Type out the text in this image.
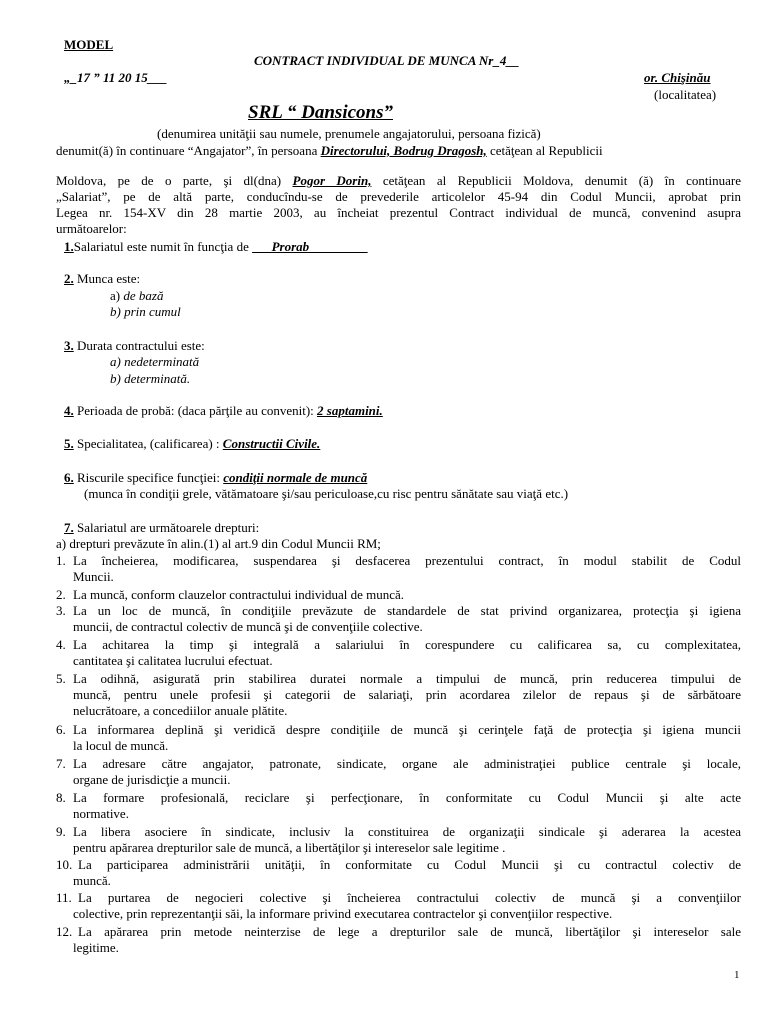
MODEL
CONTRACT INDIVIDUAL DE MUNCA Nr_4__
„_17 ” 11 20 15___	or. Chişinău
(localitatea)
SRL “ Dansicons”
(denumirea unităţii sau numele, prenumele angajatorului, persoana fizică)
denumit(ă) în continuare “Angajator”, în persoana Directorului, Bodrug Dragosh, cetăţean al Republicii
Moldova, pe de o parte, şi dl(dna) Pogor Dorin, cetăţean al Republicii Moldova, denumit (ă) în continuare
„Salariat”, pe de altă parte, conducîndu-se de prevederile articolelor 45-94 din Codul Muncii, aprobat prin
Legea nr. 154-XV din 28 martie 2003, au încheiat prezentul Contract individual de muncă, convenind asupra
următoarelor:
1.Salariatul este numit în funcţia de       Prorab
2. Munca este:
a) de bază
b) prin cumul
3. Durata contractului este:
a) nedeterminată
b) determinată.
4. Perioada de probă: (daca părţile au convenit): 2 saptamini.
5. Specialitatea, (calificarea) : Constructii Civile.
6. Riscurile specifice funcţiei: condiţii normale de muncă
(munca în condiţii grele, vătămatoare şi/sau periculoase,cu risc pentru sănătate sau viaţă etc.)
7. Salariatul are următoarele drepturi:
a) drepturi prevăzute în alin.(1) al art.9 din Codul Muncii RM;
1. La încheierea, modificarea, suspendarea şi desfacerea prezentului contract, în modul stabilit de Codul
Muncii.
2. La muncă, conform clauzelor contractului individual de muncă.
3. La un loc de muncă, în condiţiile prevăzute de standardele de stat privind organizarea, protecţia şi igiena
muncii, de contractul colectiv de muncă şi de convenţiile colective.
4. La achitarea la timp şi integrală a salariului în corespundere cu calificarea sa, cu complexitatea,
cantitatea şi calitatea lucrului efectuat.
5. La odihnă, asigurată prin stabilirea duratei normale a timpului de muncă, prin reducerea timpului de
muncă, pentru unele profesii şi categorii de salariaţi, prin acordarea zilelor de repaus şi de sărbătoare
nelucrătoare, a concediilor anuale plătite.
6. La informarea deplină şi veridică despre condiţiile de muncă şi cerinţele faţă de protecţia şi igiena muncii
la locul de muncă.
7. La adresare către angajator, patronate, sindicate, organe ale administraţiei publice centrale şi locale,
organe de jurisdicţie a muncii.
8. La formare profesională, reciclare şi perfecţionare, în conformitate cu Codul Muncii şi alte acte
normative.
9. La libera asociere în sindicate, inclusiv la constituirea de organizaţii sindicale şi aderarea la acestea
pentru apărarea drepturilor sale de muncă, a libertăţilor şi intereselor sale legitime .
10. La participarea administrării unităţii, în conformitate cu Codul Muncii şi cu contractul colectiv de
muncă.
11. La purtarea de negocieri colective şi încheierea contractului colectiv de muncă şi a convenţiilor
colective, prin reprezentanţii săi, la informare privind executarea contractelor şi convenţiilor respective.
12. La apărarea prin metode neinterzise de lege a drepturilor sale de muncă, libertăţilor şi intereselor sale
legitime.
1
